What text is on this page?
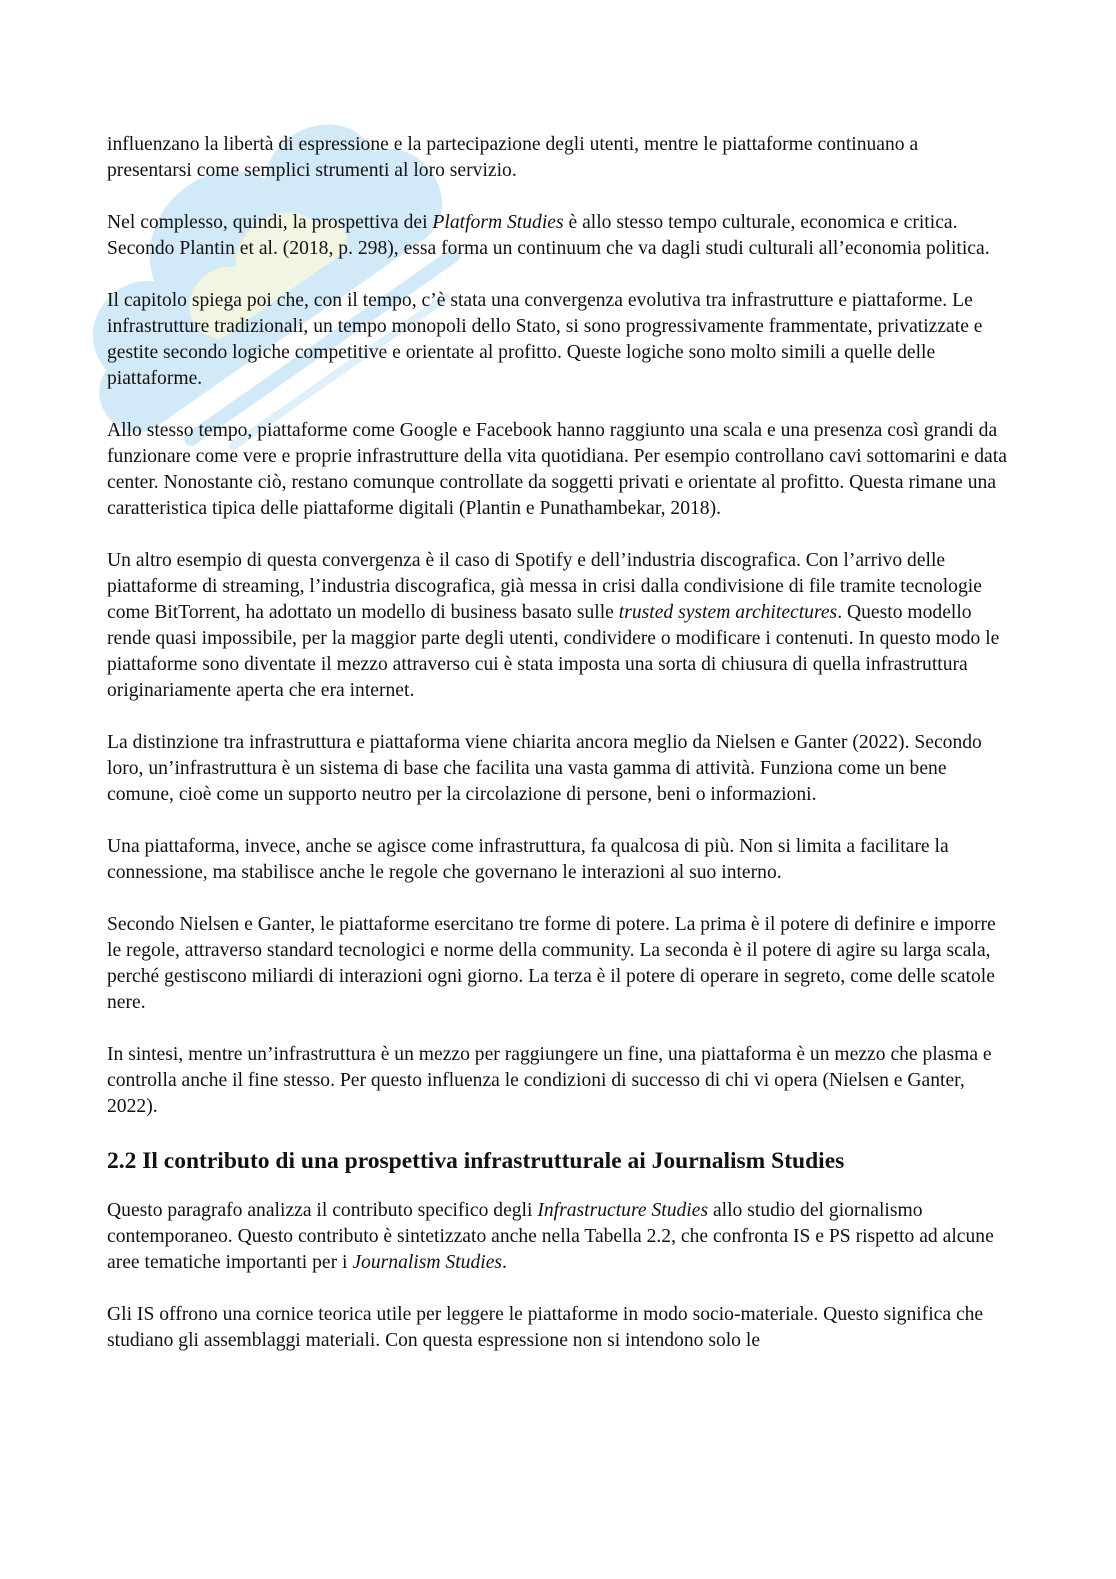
influenzano la libertà di espressione e la partecipazione degli utenti, mentre le piattaforme continuano a presentarsi come semplici strumenti al loro servizio.

Nel complesso, quindi, la prospettiva dei Platform Studies è allo stesso tempo culturale, economica e critica. Secondo Plantin et al. (2018, p. 298), essa forma un continuum che va dagli studi culturali all’economia politica.

Il capitolo spiega poi che, con il tempo, c’è stata una convergenza evolutiva tra infrastrutture e piattaforme. Le infrastrutture tradizionali, un tempo monopoli dello Stato, si sono progressivamente frammentate, privatizzate e gestite secondo logiche competitive e orientate al profitto. Queste logiche sono molto simili a quelle delle piattaforme.

Allo stesso tempo, piattaforme come Google e Facebook hanno raggiunto una scala e una presenza così grandi da funzionare come vere e proprie infrastrutture della vita quotidiana. Per esempio controllano cavi sottomarini e data center. Nonostante ciò, restano comunque controllate da soggetti privati e orientate al profitto. Questa rimane una caratteristica tipica delle piattaforme digitali (Plantin e Punathambekar, 2018).

Un altro esempio di questa convergenza è il caso di Spotify e dell’industria discografica. Con l’arrivo delle piattaforme di streaming, l’industria discografica, già messa in crisi dalla condivisione di file tramite tecnologie come BitTorrent, ha adottato un modello di business basato sulle trusted system architectures. Questo modello rende quasi impossibile, per la maggior parte degli utenti, condividere o modificare i contenuti. In questo modo le piattaforme sono diventate il mezzo attraverso cui è stata imposta una sorta di chiusura di quella infrastruttura originariamente aperta che era internet.

La distinzione tra infrastruttura e piattaforma viene chiarita ancora meglio da Nielsen e Ganter (2022). Secondo loro, un’infrastruttura è un sistema di base che facilita una vasta gamma di attività. Funziona come un bene comune, cioè come un supporto neutro per la circolazione di persone, beni o informazioni.

Una piattaforma, invece, anche se agisce come infrastruttura, fa qualcosa di più. Non si limita a facilitare la connessione, ma stabilisce anche le regole che governano le interazioni al suo interno.

Secondo Nielsen e Ganter, le piattaforme esercitano tre forme di potere. La prima è il potere di definire e imporre le regole, attraverso standard tecnologici e norme della community. La seconda è il potere di agire su larga scala, perché gestiscono miliardi di interazioni ogni giorno. La terza è il potere di operare in segreto, come delle scatole nere.

In sintesi, mentre un’infrastruttura è un mezzo per raggiungere un fine, una piattaforma è un mezzo che plasma e controlla anche il fine stesso. Per questo influenza le condizioni di successo di chi vi opera (Nielsen e Ganter, 2022).

2.2 Il contributo di una prospettiva infrastrutturale ai Journalism Studies

Questo paragrafo analizza il contributo specifico degli Infrastructure Studies allo studio del giornalismo contemporaneo. Questo contributo è sintetizzato anche nella Tabella 2.2, che confronta IS e PS rispetto ad alcune aree tematiche importanti per i Journalism Studies.

Gli IS offrono una cornice teorica utile per leggere le piattaforme in modo socio-materiale. Questo significa che studiano gli assemblaggi materiali. Con questa espressione non si intendono solo le
